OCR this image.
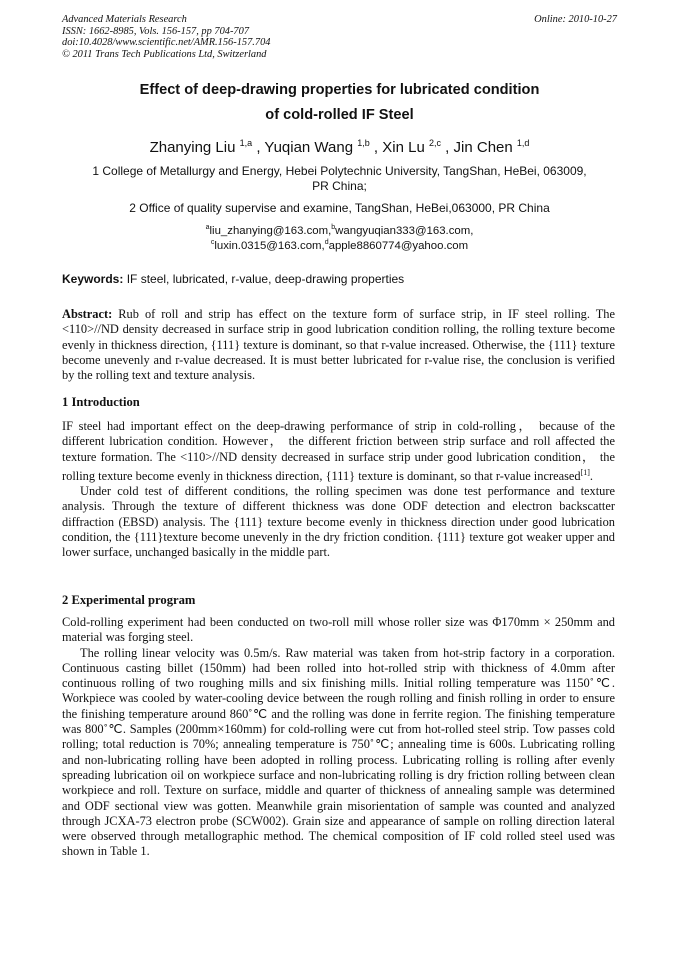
Advanced Materials Research
ISSN: 1662-8985, Vols. 156-157, pp 704-707
doi:10.4028/www.scientific.net/AMR.156-157.704
© 2011 Trans Tech Publications Ltd, Switzerland
Online: 2010-10-27
Effect of deep-drawing properties for lubricated condition
of cold-rolled IF Steel
Zhanying Liu $^{1,a}$ , Yuqian Wang $^{1,b}$ , Xin Lu $^{2,c}$ , Jin Chen $^{1,d}$
1 College of Metallurgy and Energy, Hebei Polytechnic University, TangShan, HeBei, 063009, PR China;
2 Office of quality supervise and examine, TangShan, HeBei,063000, PR China
$^a$liu_zhanying@163.com,$^b$wangyuqian333@163.com,
$^c$luxin.0315@163.com,$^d$apple8860774@yahoo.com
Keywords: IF steel, lubricated, r-value, deep-drawing properties

Abstract: Rub of roll and strip has effect on the texture form of surface strip, in IF steel rolling. The <110>//ND density decreased in surface strip in good lubrication condition rolling, the rolling texture become evenly in thickness direction, {111} texture is dominant, so that r-value increased. Otherwise, the {111} texture become unevenly and r-value decreased. It is must better lubricated for r-value rise, the conclusion is verified by the rolling text and texture analysis.

1 Introduction

IF steel had important effect on the deep-drawing performance of strip in cold-rolling， because of the different lubrication condition. However， the different friction between strip surface and roll affected the texture formation. The <110>//ND density decreased in surface strip under good lubrication condition， the rolling texture become evenly in thickness direction, {111} texture is dominant, so that r-value increased[1].

Under cold test of different conditions, the rolling specimen was done test performance and texture analysis. Through the texture of different thickness was done ODF detection and electron backscatter diffraction (EBSD) analysis. The {111} texture become evenly in thickness direction under good lubrication condition, the {111}texture become unevenly in the dry friction condition. {111} texture got weaker upper and lower surface, unchanged basically in the middle part.

2 Experimental program

Cold-rolling experiment had been conducted on two-roll mill whose roller size was Φ170mm × 250mm and material was forging steel.

The rolling linear velocity was 0.5m/s. Raw material was taken from hot-strip factory in a corporation. Continuous casting billet (150mm) had been rolled into hot-rolled strip with thickness of 4.0mm after continuous rolling of two roughing mills and six finishing mills. Initial rolling temperature was 1150˚℃. Workpiece was cooled by water-cooling device between the rough rolling and finish rolling in order to ensure the finishing temperature around 860˚℃ and the rolling was done in ferrite region. The finishing temperature was 800˚℃. Samples (200mm×160mm) for cold-rolling were cut from hot-rolled steel strip. Tow passes cold rolling; total reduction is 70%; annealing temperature is 750˚℃; annealing time is 600s. Lubricating rolling and non-lubricating rolling have been adopted in rolling process. Lubricating rolling is rolling after evenly spreading lubrication oil on workpiece surface and non-lubricating rolling is dry friction rolling between clean workpiece and roll. Texture on surface, middle and quarter of thickness of annealing sample was determined and ODF sectional view was gotten. Meanwhile grain misorientation of sample was counted and analyzed through JCXA-73 electron probe (SCW002). Grain size and appearance of sample on rolling direction lateral were observed through metallographic method. The chemical composition of IF cold rolled steel used was shown in Table 1.
